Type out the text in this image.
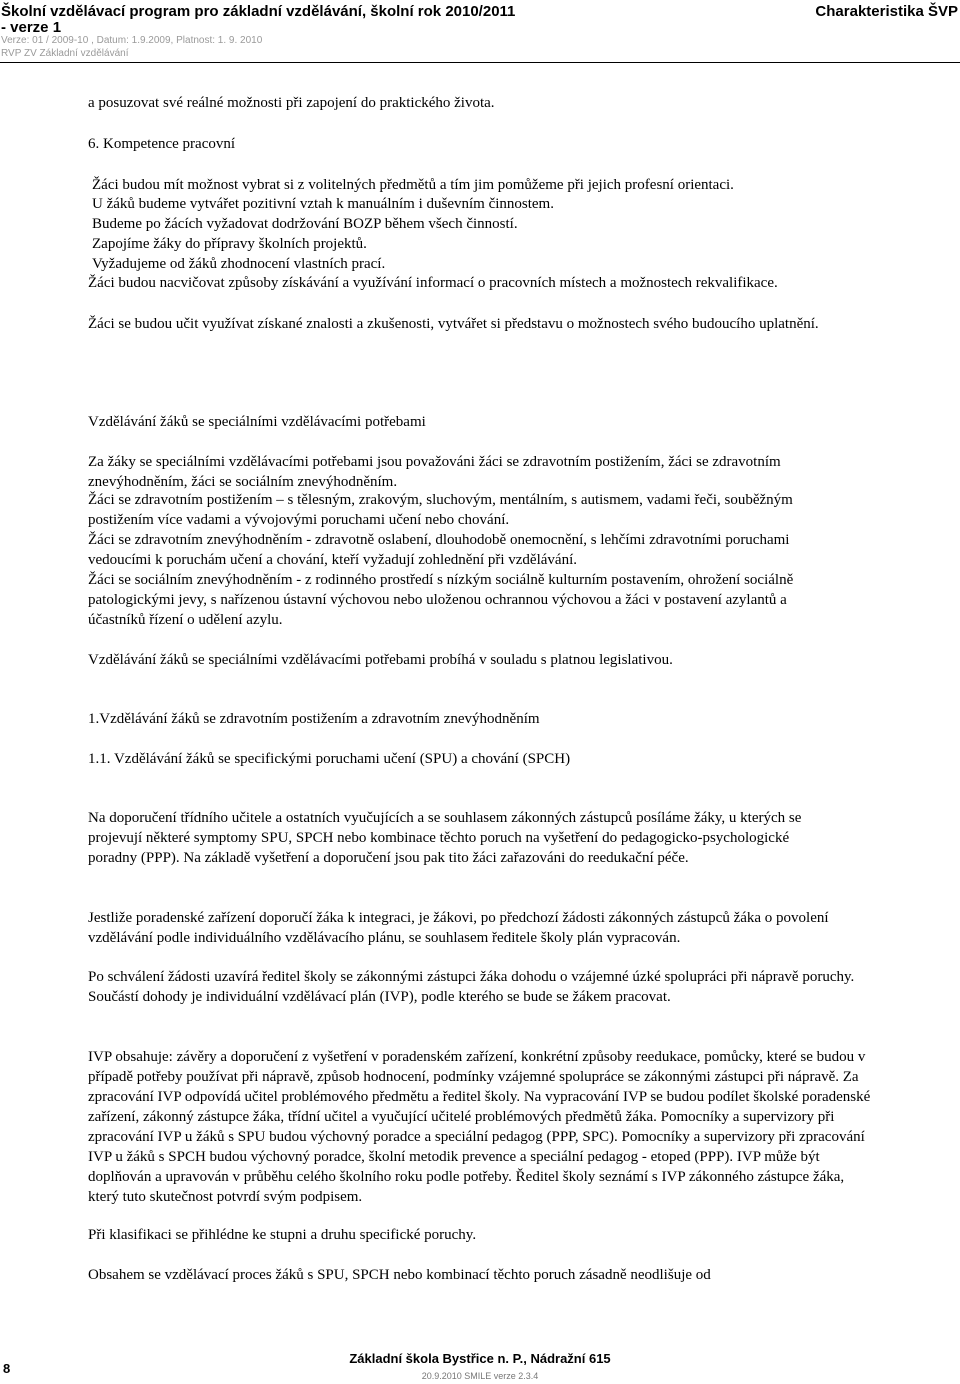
Školní vzdělávací program pro základní vzdělávání, školní rok 2010/2011
- verze 1
Verze: 01 / 2009-10 , Datum: 1.9.2009, Platnost: 1. 9. 2010
RVP ZV Základní vzdělávání
Charakteristika ŠVP
a posuzovat své reálné možnosti při zapojení do praktického života.
6. Kompetence pracovní
Žáci budou mít možnost vybrat si z volitelných předmětů a tím jim pomůžeme při jejich profesní orientaci.
U žáků budeme vytvářet pozitivní vztah k manuálním i duševním činnostem.
Budeme po žácích vyžadovat dodržování BOZP během všech činností.
Zapojíme žáky do přípravy školních projektů.
Vyžadujeme od žáků zhodnocení vlastních prací.
Žáci budou nacvičovat způsoby získávání a využívání informací o pracovních místech a možnostech rekvalifikace.
Žáci se budou učit využívat získané znalosti a zkušenosti, vytvářet si představu o možnostech svého budoucího uplatnění.
Vzdělávání žáků se speciálními vzdělávacími potřebami
Za žáky se speciálními vzdělávacími potřebami jsou považováni žáci se zdravotním postižením, žáci se zdravotním znevýhodněním, žáci se sociálním znevýhodněním.
Žáci se zdravotním postižením – s tělesným, zrakovým, sluchovým, mentálním, s autismem, vadami řeči, souběžným postižením více vadami a vývojovými poruchami učení nebo chování.
Žáci se zdravotním znevýhodněním - zdravotně oslabení, dlouhodobě onemocnění, s lehčími zdravotními poruchami vedoucími k poruchám učení a chování, kteří vyžadují zohlednění při vzdělávání.
Žáci se sociálním znevýhodněním - z rodinného prostředí s nízkým sociálně kulturním postavením, ohrožení sociálně patologickými jevy, s nařízenou ústavní výchovou nebo uloženou ochrannou výchovou a žáci v postavení azylantů a účastníků řízení o udělení azylu.
Vzdělávání žáků se speciálními vzdělávacími potřebami probíhá v souladu s platnou legislativou.
1.Vzdělávání žáků se zdravotním postižením a zdravotním znevýhodněním
1.1. Vzdělávání žáků se specifickými poruchami učení (SPU) a chování (SPCH)
Na doporučení třídního učitele a ostatních vyučujících a se souhlasem zákonných zástupců posíláme žáky, u kterých se projevují některé symptomy SPU, SPCH nebo kombinace těchto poruch na vyšetření do pedagogicko-psychologické poradny (PPP). Na základě vyšetření a doporučení jsou pak tito žáci zařazováni do reedukační péče.
Jestliže poradenské zařízení doporučí žáka k integraci, je žákovi, po předchozí žádosti zákonných zástupců žáka o povolení vzdělávání podle individuálního vzdělávacího plánu, se souhlasem ředitele školy plán vypracován.
Po schválení žádosti uzavírá ředitel školy se zákonnými zástupci žáka dohodu o vzájemné úzké spolupráci při nápravě poruchy. Součástí dohody je individuální vzdělávací plán (IVP), podle kterého se bude se žákem pracovat.
IVP obsahuje: závěry a doporučení z vyšetření v poradenském zařízení, konkrétní způsoby reedukace, pomůcky, které se budou v případě potřeby používat při nápravě, způsob hodnocení, podmínky vzájemné spolupráce se zákonnými zástupci při nápravě. Za zpracování IVP odpovídá učitel problémového předmětu a ředitel školy. Na vypracování IVP se budou podílet školské poradenské zařízení, zákonný zástupce žáka, třídní učitel a vyučující učitelé problémových předmětů žáka. Pomocníky a supervizory při zpracování IVP u žáků s SPU budou výchovný poradce a speciální pedagog (PPP, SPC). Pomocníky a supervizory při zpracování IVP u žáků s SPCH budou výchovný poradce, školní metodik prevence a speciální pedagog - etoped (PPP). IVP může být doplňován a upravován v průběhu celého školního roku podle potřeby. Ředitel školy seznámí s IVP zákonného zástupce žáka, který tuto skutečnost potvrdí svým podpisem.
Při klasifikaci se přihlédne ke stupni a druhu specifické poruchy.
Obsahem se vzdělávací proces žáků s SPU, SPCH nebo kombinací těchto poruch zásadně neodlišuje od
Základní škola Bystřice n. P., Nádražní 615
20.9.2010 SMILE verze 2.3.4
8
